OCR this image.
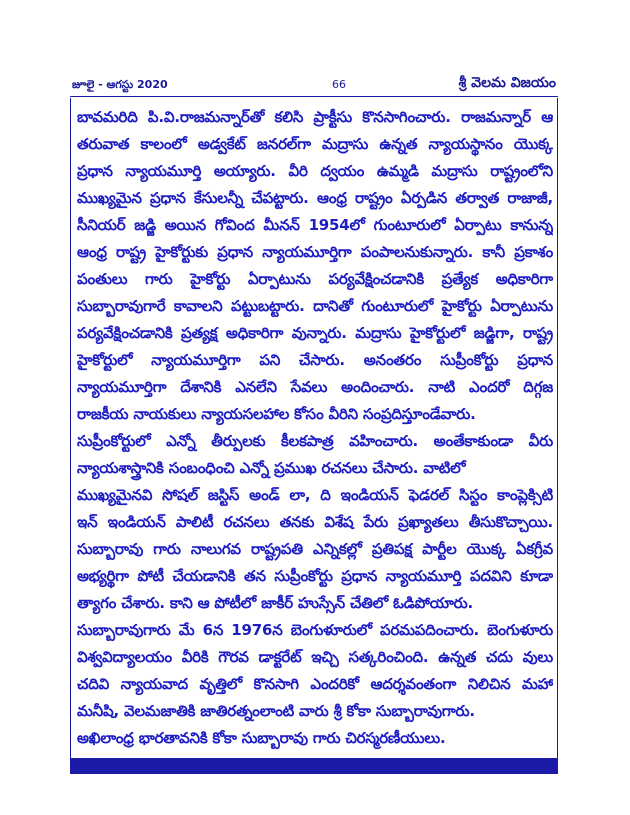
జూలై - ఆగస్టు 2020	66	శ్రీ వెలమ విజయం
బావమరిది పి.వి.రాజమన్నార్‌తో కలిసి ప్రాక్టీసు కొనసాగించారు. రాజమన్నార్ ఆ
తరువాత కాలంలో అడ్వకేట్ జనరల్‌గా మద్రాసు ఉన్నత న్యాయస్థానం యొక్క
ప్రధాన న్యాయమూర్తి అయ్యారు. వీరి ద్వయం ఉమ్మడి మద్రాసు రాష్ట్రంలోని
ముఖ్యమైన ప్రధాన కేసులన్నీ చేపట్టారు. ఆంధ్ర రాష్ట్రం ఏర్పడిన తర్వాత రాజాజీ,
సీనియర్ జడ్జి అయిన గోవింద మీనన్ 1954లో గుంటూరులో ఏర్పాటు కానున్న
ఆంధ్ర రాష్ట్ర హైకోర్టుకు ప్రధాన న్యాయమూర్తిగా పంపాలనుకున్నారు. కానీ ప్రకాశం
పంతులు గారు హైకోర్టు ఏర్పాటును పర్యవేక్షించడానికి ప్రత్యేక అధికారిగా
సుబ్బారావుగారే కావాలని పట్టుబట్టారు. దానితో గుంటూరులో హైకోర్టు ఏర్పాటును
పర్యవేక్షించడానికి ప్రత్యక్ష అధికారిగా వున్నారు. మద్రాసు హైకోర్టులో జడ్జిగా, రాష్ట్ర
హైకోర్టులో న్యాయమూర్తిగా పని చేసారు. అనంతరం సుప్రీంకోర్టు ప్రధాన
న్యాయమూర్తిగా దేశానికి ఎనలేని సేవలు అందించారు. నాటి ఎందరో దిగ్గజ
రాజకీయ నాయకులు న్యాయసలహాల కోసం వీరిని సంప్రదిస్తూండేవారు.
సుప్రీంకోర్టులో ఎన్నో తీర్పులకు కీలకపాత్ర వహించారు. అంతేకాకుండా వీరు
న్యాయశాస్త్రానికి సంబంధించి ఎన్నో ప్రముఖ రచనలు చేసారు. వాటిలో
ముఖ్యమైనవి సోషల్ జస్టిస్ అండ్ లా, ది ఇండియన్ ఫెడరల్ సిస్టం కాంప్లెక్సిటి
ఇన్ ఇండియన్ పాలిటీ రచనలు తనకు విశేష పేరు ప్రఖ్యాతలు తీసుకొచ్చాయి.
సుబ్బారావు గారు నాలుగవ రాష్ట్రపతి ఎన్నికల్లో ప్రతిపక్ష పార్టీల యొక్క ఏకగ్రీవ
అభ్యర్థిగా పోటీ చేయడానికి తన సుప్రీంకోర్టు ప్రధాన న్యాయమూర్తి పదవిని కూడా
త్యాగం చేశారు. కాని ఆ పోటీలో జాకీర్ హుస్సేన్ చేతిలో ఓడిపోయారు.
సుబ్బారావుగారు మే 6న 1976న బెంగుళూరులో పరమపదించారు. బెంగుళూరు
విశ్వవిద్యాలయం వీరికి గౌరవ డాక్టరేట్ ఇచ్చి సత్కరించింది. ఉన్నత చదు వులు
చదివి న్యాయవాద వృత్తిలో కొనసాగి ఎందరికో ఆదర్శవంతంగా నిలిచిన మహా
మనీషి, వెలమజాతికి జాతిరత్నంలాంటి వారు శ్రీ కోకా సుబ్బారావుగారు.
అఖిలాంధ్ర భారతావనికి కోకా సుబ్బారావు గారు చిరస్మరణీయులు.
